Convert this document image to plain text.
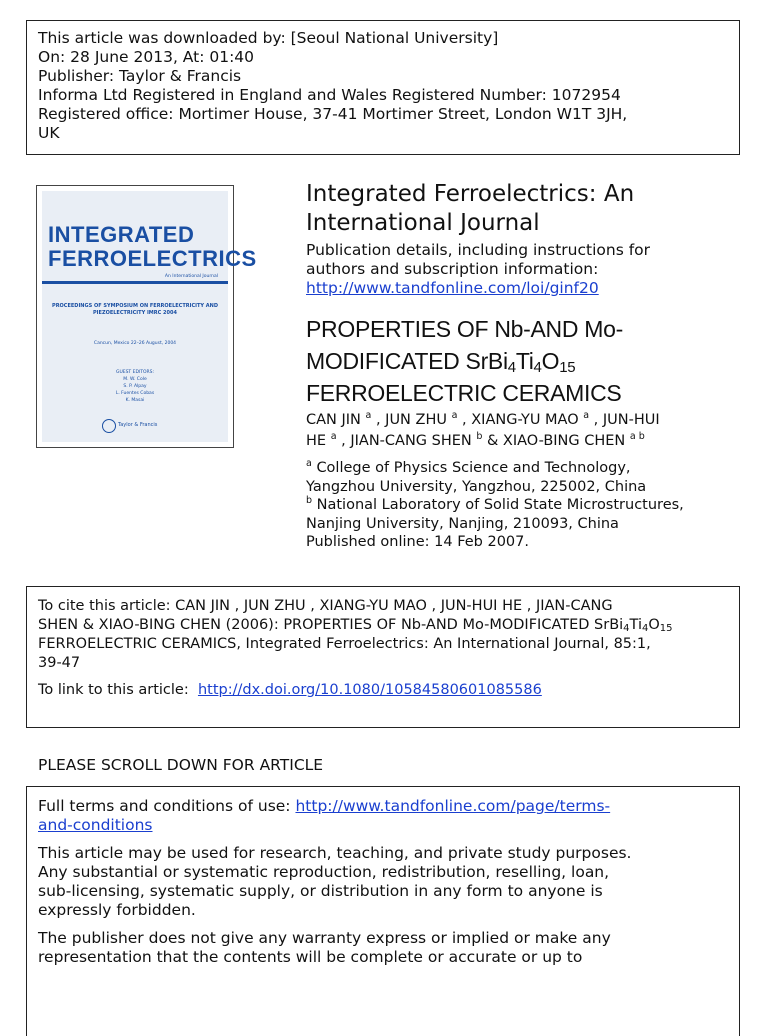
This article was downloaded by: [Seoul National University]
On: 28 June 2013, At: 01:40
Publisher: Taylor & Francis
Informa Ltd Registered in England and Wales Registered Number: 1072954
Registered office: Mortimer House, 37-41 Mortimer Street, London W1T 3JH,
UK
INTEGRATED
FERROELECTRICS
An International Journal
PROCEEDINGS OF SYMPOSIUM ON FERROELECTRICITY AND PIEZOELECTRICITY IMRC 2004
Cancun, Mexico 22–26 August, 2004
GUEST EDITORS:
M. W. Cole
S. P. Alpay
L. Fuentes Cobas
K. Masai
Taylor & Francis
Integrated Ferroelectrics: An
International Journal
Publication details, including instructions for
authors and subscription information:
http://www.tandfonline.com/loi/ginf20
PROPERTIES OF Nb-AND Mo-
MODIFICATED $SrBi_4Ti_4O_{15}$
FERROELECTRIC CERAMICS
CAN JIN $^a$ , JUN ZHU $^a$ , XIANG-YU MAO $^a$ , JUN-HUI
HE $^a$ , JIAN-CANG SHEN $^b$ & XIAO-BING CHEN $^{a b}$
$^a$ College of Physics Science and Technology,
Yangzhou University, Yangzhou, 225002, China
$^b$ National Laboratory of Solid State Microstructures,
Nanjing University, Nanjing, 210093, China
Published online: 14 Feb 2007.
To cite this article: CAN JIN , JUN ZHU , XIANG-YU MAO , JUN-HUI HE , JIAN-CANG
SHEN & XIAO-BING CHEN (2006): PROPERTIES OF Nb-AND Mo-MODIFICATED $SrBi_4Ti_4O_{15}$
FERROELECTRIC CERAMICS, Integrated Ferroelectrics: An International Journal, 85:1,
39-47
To link to this article: http://dx.doi.org/10.1080/10584580601085586
PLEASE SCROLL DOWN FOR ARTICLE

Full terms and conditions of use: http://www.tandfonline.com/page/terms-
and-conditions

This article may be used for research, teaching, and private study purposes.
Any substantial or systematic reproduction, redistribution, reselling, loan,
sub-licensing, systematic supply, or distribution in any form to anyone is
expressly forbidden.

The publisher does not give any warranty express or implied or make any
representation that the contents will be complete or accurate or up to
